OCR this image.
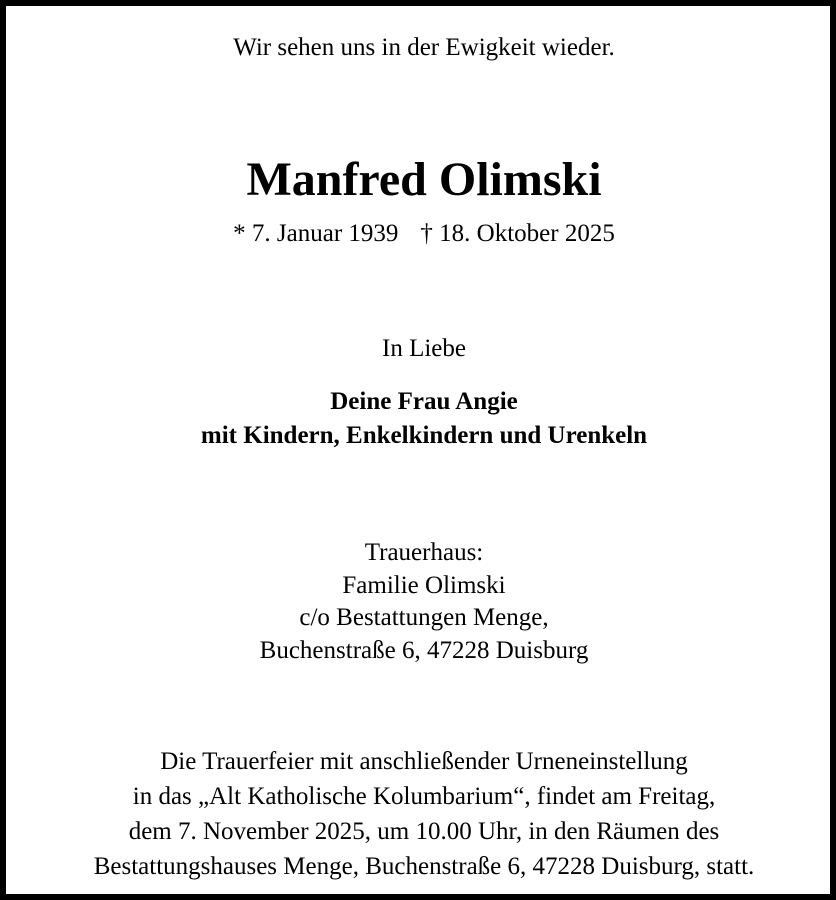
Wir sehen uns in der Ewigkeit wieder.
Manfred Olimski
* 7. Januar 1939 † 18. Oktober 2025
In Liebe
Deine Frau Angie
mit Kindern, Enkelkindern und Urenkeln
Trauerhaus:
Familie Olimski
c/o Bestattungen Menge,
Buchenstraße 6, 47228 Duisburg
Die Trauerfeier mit anschließender Urneneinstellung
in das „Alt Katholische Kolumbarium“, findet am Freitag,
dem 7. November 2025, um 10.00 Uhr, in den Räumen des
Bestattungshauses Menge, Buchenstraße 6, 47228 Duisburg, statt.
